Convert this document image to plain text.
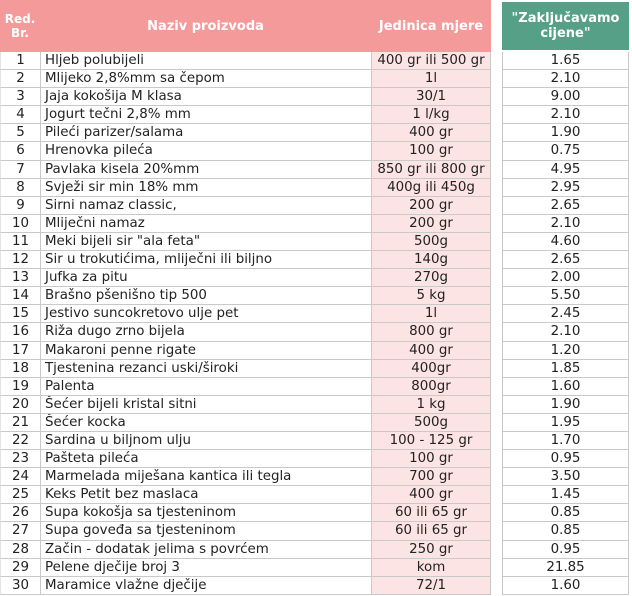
Red. Br.	Naziv proizvoda	Jedinica mjere	"Zaključavamo cijene"
1	Hljeb polubijeli	400 gr ili 500 gr	1.65
2	Mlijeko 2,8%mm sa čepom	1l	2.10
3	Jaja kokošija M klasa	30/1	9.00
4	Jogurt tečni 2,8% mm	1 l/kg	2.10
5	Pileći parizer/salama	400 gr	1.90
6	Hrenovka pileća	100 gr	0.75
7	Pavlaka kisela 20%mm	850 gr ili 800 gr	4.95
8	Svježi sir min 18% mm	400g ili 450g	2.95
9	Sirni namaz classic,	200 gr	2.65
10	Mliječni namaz	200 gr	2.10
11	Meki bijeli sir "ala feta"	500g	4.60
12	Sir u trokutićima, mliječni ili biljno	140g	2.65
13	Jufka za pitu	270g	2.00
14	Brašno pšenišno tip 500	5 kg	5.50
15	Jestivo suncokretovo ulje pet	1l	2.45
16	Riža dugo zrno bijela	800 gr	2.10
17	Makaroni penne rigate	400 gr	1.20
18	Tjestenina rezanci uski/široki	400gr	1.85
19	Palenta	800gr	1.60
20	Šećer bijeli kristal sitni	1 kg	1.90
21	Šećer kocka	500g	1.95
22	Sardina u biljnom ulju	100 - 125 gr	1.70
23	Pašteta pileća	100 gr	0.95
24	Marmelada miješana kantica ili tegla	700 gr	3.50
25	Keks Petit bez maslaca	400 gr	1.45
26	Supa kokošja sa tjesteninom	60 ili 65 gr	0.85
27	Supa goveđa sa tjesteninom	60 ili 65 gr	0.85
28	Začin - dodatak jelima s povrćem	250 gr	0.95
29	Pelene dječije broj 3	kom	21.85
30	Maramice vlažne dječije	72/1	1.60
